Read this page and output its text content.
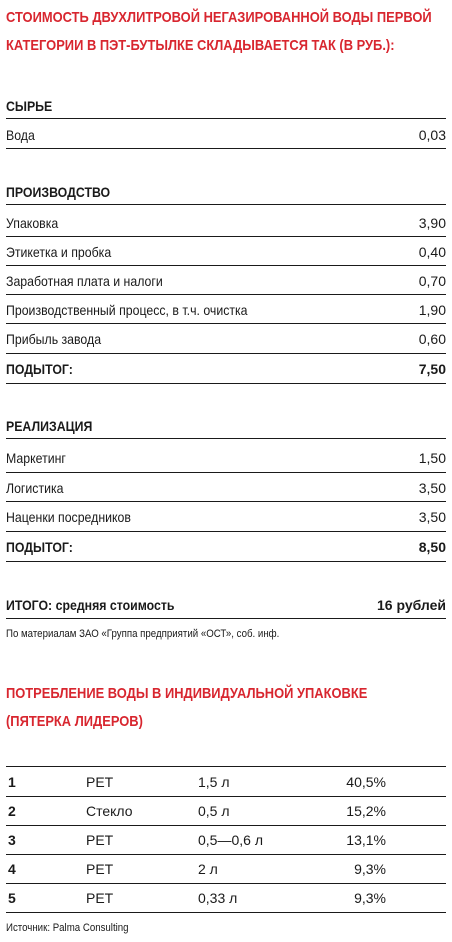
СТОИМОСТЬ ДВУХЛИТРОВОЙ НЕГАЗИРОВАННОЙ ВОДЫ ПЕРВОЙ
КАТЕГОРИИ В ПЭТ-БУТЫЛКЕ СКЛАДЫВАЕТСЯ ТАК (В РУБ.):
СЫРЬЕ
Вода	0,03
ПРОИЗВОДСТВО
Упаковка	3,90
Этикетка и пробка	0,40
Заработная плата и налоги	0,70
Производственный процесс, в т.ч. очистка	1,90
Прибыль завода	0,60
ПОДЫТОГ:	7,50
РЕАЛИЗАЦИЯ
Маркетинг	1,50
Логистика	3,50
Наценки посредников	3,50
ПОДЫТОГ:	8,50
ИТОГО: средняя стоимость	16 рублей
По материалам ЗАО «Группа предприятий «ОСТ», соб. инф.
ПОТРЕБЛЕНИЕ ВОДЫ В ИНДИВИДУАЛЬНОЙ УПАКОВКЕ
(ПЯТЕРКА ЛИДЕРОВ)
1	PET	1,5 л	40,5%
2	Стекло	0,5 л	15,2%
3	PET	0,5—0,6 л	13,1%
4	PET	2 л	9,3%
5	PET	0,33 л	9,3%
Источник: Palma Consulting
